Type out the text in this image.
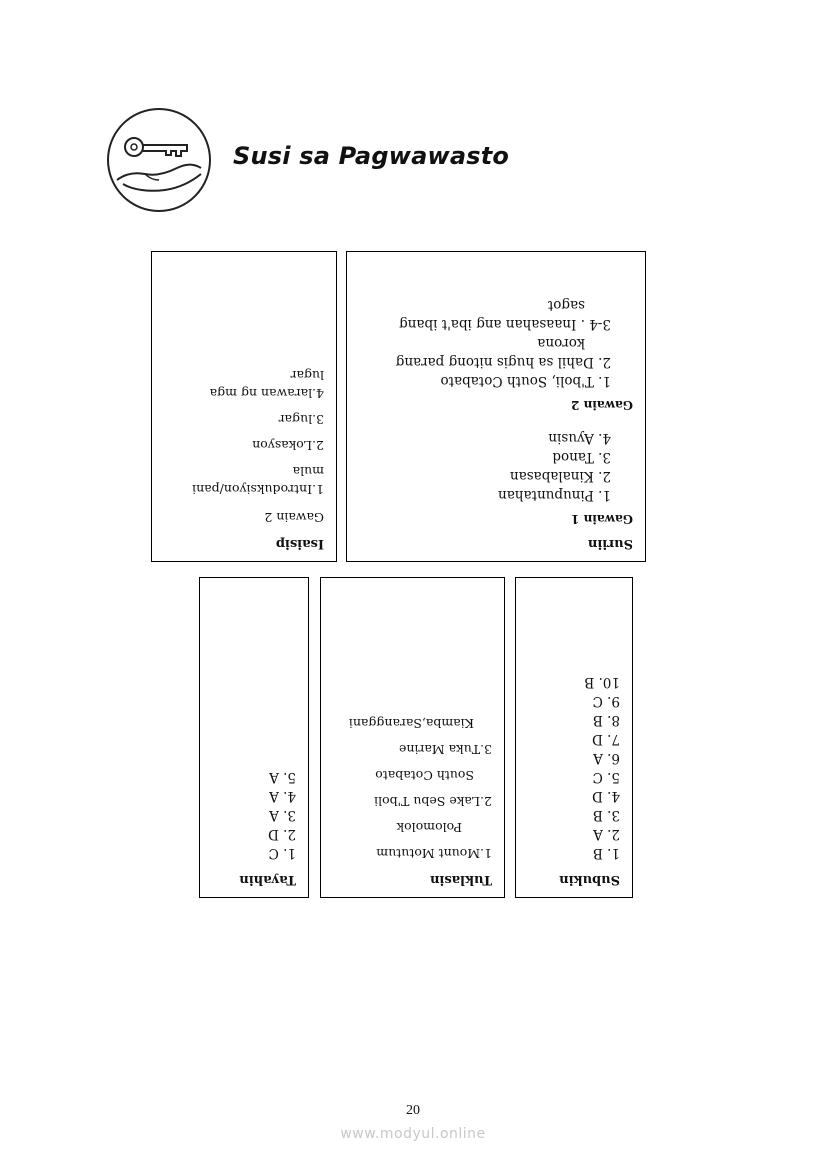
Susi sa Pagwawasto
Suriin
Gawain 1
1. Pinupuntahan
2. Kinalabasan
3. Tanod
4. Ayusin
Gawain 2
1. T'boli, South Cotabato
2. Dahil sa hugis nitong parang
korona
3-4 . Inaasahan ang iba't ibang
sagot
Isaisip
Gawain 2
1.Introduksiyon/pani
mula
2.Lokasyon
3.lugar
4.larawan ng mga
lugar
Subukin
1. B
2. A
3. B
4. D
5. C
6. A
7. D
8. B
9. C
10. B
Tuklasin
1.Mount Motutum
Polomolok
2.Lake Sebu T'boli
South Cotabato
3.Tuka Marine
Kiamba,Saranggani
Tayahin
1. C
2. D
3. A
4. A
5. A
20
www.modyul.online
